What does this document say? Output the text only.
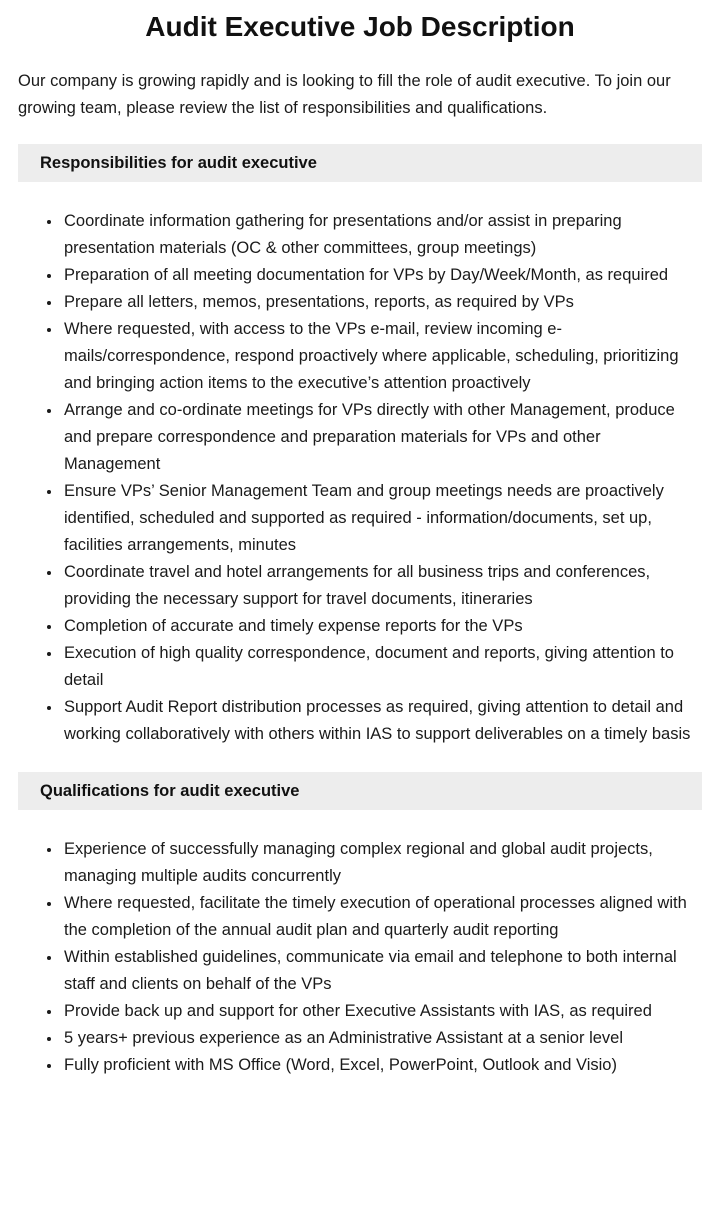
Audit Executive Job Description

Our company is growing rapidly and is looking to fill the role of audit executive. To join our growing team, please review the list of responsibilities and qualifications.

Responsibilities for audit executive
• Coordinate information gathering for presentations and/or assist in preparing presentation materials (OC & other committees, group meetings)
• Preparation of all meeting documentation for VPs by Day/Week/Month, as required
• Prepare all letters, memos, presentations, reports, as required by VPs
• Where requested, with access to the VPs e-mail, review incoming e-mails/correspondence, respond proactively where applicable, scheduling, prioritizing and bringing action items to the executive’s attention proactively
• Arrange and co-ordinate meetings for VPs directly with other Management, produce and prepare correspondence and preparation materials for VPs and other Management
• Ensure VPs’ Senior Management Team and group meetings needs are proactively identified, scheduled and supported as required - information/documents, set up, facilities arrangements, minutes
• Coordinate travel and hotel arrangements for all business trips and conferences, providing the necessary support for travel documents, itineraries
• Completion of accurate and timely expense reports for the VPs
• Execution of high quality correspondence, document and reports, giving attention to detail
• Support Audit Report distribution processes as required, giving attention to detail and working collaboratively with others within IAS to support deliverables on a timely basis
Qualifications for audit executive
• Experience of successfully managing complex regional and global audit projects, managing multiple audits concurrently
• Where requested, facilitate the timely execution of operational processes aligned with the completion of the annual audit plan and quarterly audit reporting
• Within established guidelines, communicate via email and telephone to both internal staff and clients on behalf of the VPs
• Provide back up and support for other Executive Assistants with IAS, as required
• 5 years+ previous experience as an Administrative Assistant at a senior level
• Fully proficient with MS Office (Word, Excel, PowerPoint, Outlook and Visio)
